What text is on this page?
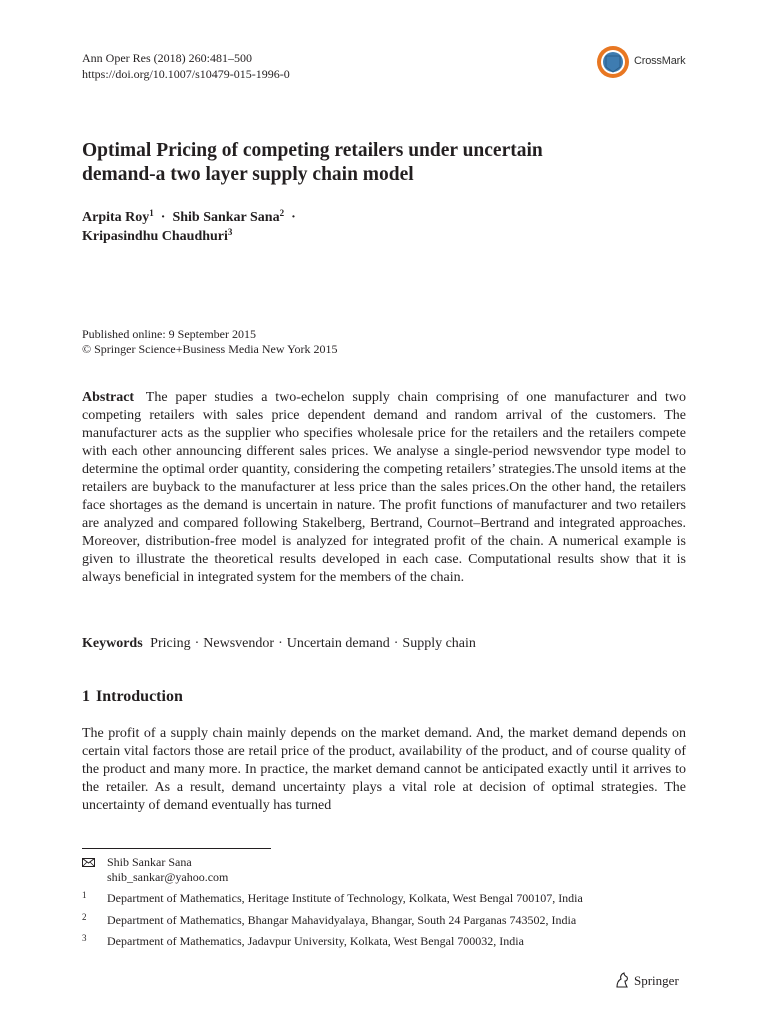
Ann Oper Res (2018) 260:481–500
https://doi.org/10.1007/s10479-015-1996-0
CrossMark
Optimal Pricing of competing retailers under uncertain
demand-a two layer supply chain model
Arpita Roy$^1$ · Shib Sankar Sana$^2$ ·
Kripasindhu Chaudhuri$^3$
Published online: 9 September 2015
© Springer Science+Business Media New York 2015
Abstract The paper studies a two-echelon supply chain comprising of one manufacturer and two competing retailers with sales price dependent demand and random arrival of the customers. The manufacturer acts as the supplier who specifies wholesale price for the retailers and the retailers compete with each other announcing different sales prices. We analyse a single-period newsvendor type model to determine the optimal order quantity, considering the competing retailers’ strategies.The unsold items at the retailers are buyback to the manufacturer at less price than the sales prices.On the other hand, the retailers face shortages as the demand is uncertain in nature. The profit functions of manufacturer and two retailers are analyzed and compared following Stakelberg, Bertrand, Cournot–Bertrand and integrated approaches. Moreover, distribution-free model is analyzed for integrated profit of the chain. A numerical example is given to illustrate the theoretical results developed in each case. Computational results show that it is always beneficial in integrated system for the members of the chain.
Keywords Pricing · Newsvendor · Uncertain demand · Supply chain
1 Introduction
The profit of a supply chain mainly depends on the market demand. And, the market demand depends on certain vital factors those are retail price of the product, availability of the product, and of course quality of the product and many more. In practice, the market demand cannot be anticipated exactly until it arrives to the retailer. As a result, demand uncertainty plays a vital role at decision of optimal strategies. The uncertainty of demand eventually has turned
Shib Sankar Sana
shib_sankar@yahoo.com
1 Department of Mathematics, Heritage Institute of Technology, Kolkata, West Bengal 700107, India
2 Department of Mathematics, Bhangar Mahavidyalaya, Bhangar, South 24 Parganas 743502, India
3 Department of Mathematics, Jadavpur University, Kolkata, West Bengal 700032, India
Springer
